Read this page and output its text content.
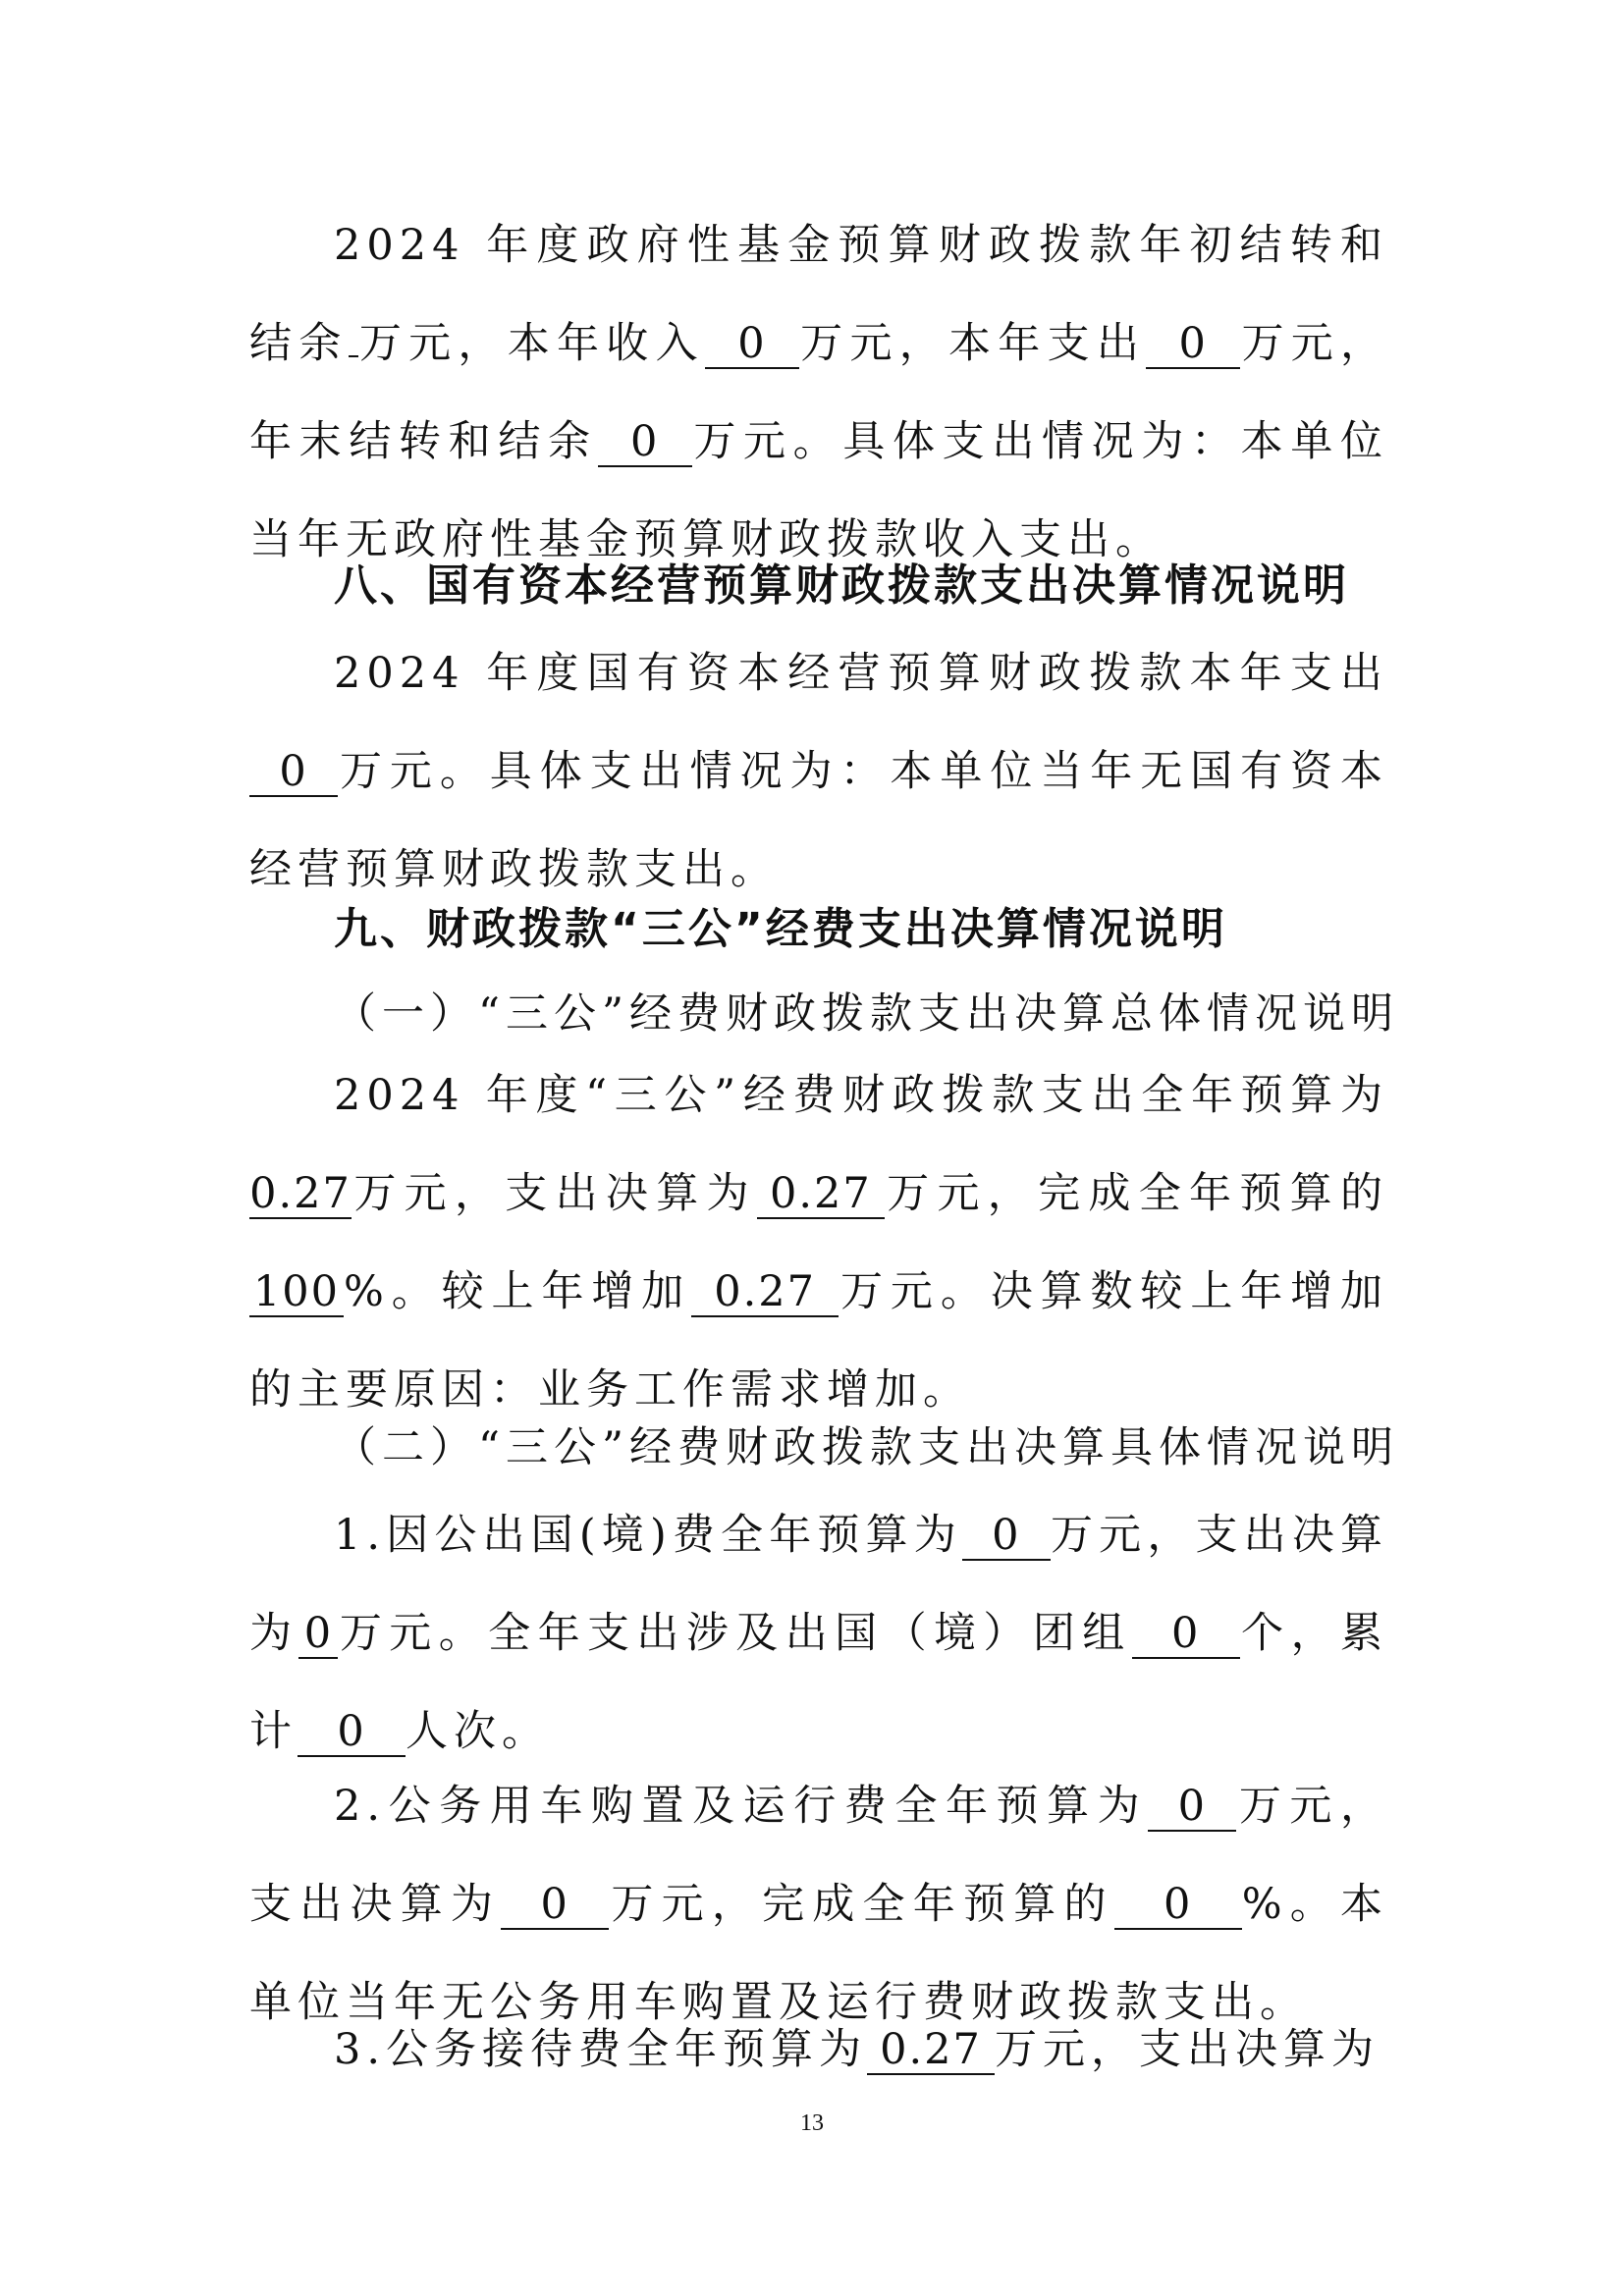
2024 年度政府性基金预算财政拨款年初结转和结余 万元，本年收入 0 万元，本年支出 0 万元，年末结转和结余 0 万元。具体支出情况为：本单位当年无政府性基金预算财政拨款收入支出。

八、国有资本经营预算财政拨款支出决算情况说明

2024 年度国有资本经营预算财政拨款本年支出0 万元。具体支出情况为：本单位当年无国有资本经营预算财政拨款支出。

九、财政拨款“三公”经费支出决算情况说明

（一）“三公”经费财政拨款支出决算总体情况说明

2024 年度“三公”经费财政拨款支出全年预算为0.27万元，支出决算为 0.27 万元，完成全年预算的100%。较上年增加 0.27 万元。决算数较上年增加的主要原因：业务工作需求增加。

（二）“三公”经费财政拨款支出决算具体情况说明

1.因公出国(境)费全年预算为 0 万元，支出决算为 0 万元。全年支出涉及出国（境）团组 0 个，累计 0 人次。

2.公务用车购置及运行费全年预算为 0 万元，支出决算为 0 万元，完成全年预算的 0 %。本单位当年无公务用车购置及运行费财政拨款支出。

3.公务接待费全年预算为 0.27 万元，支出决算为

13
